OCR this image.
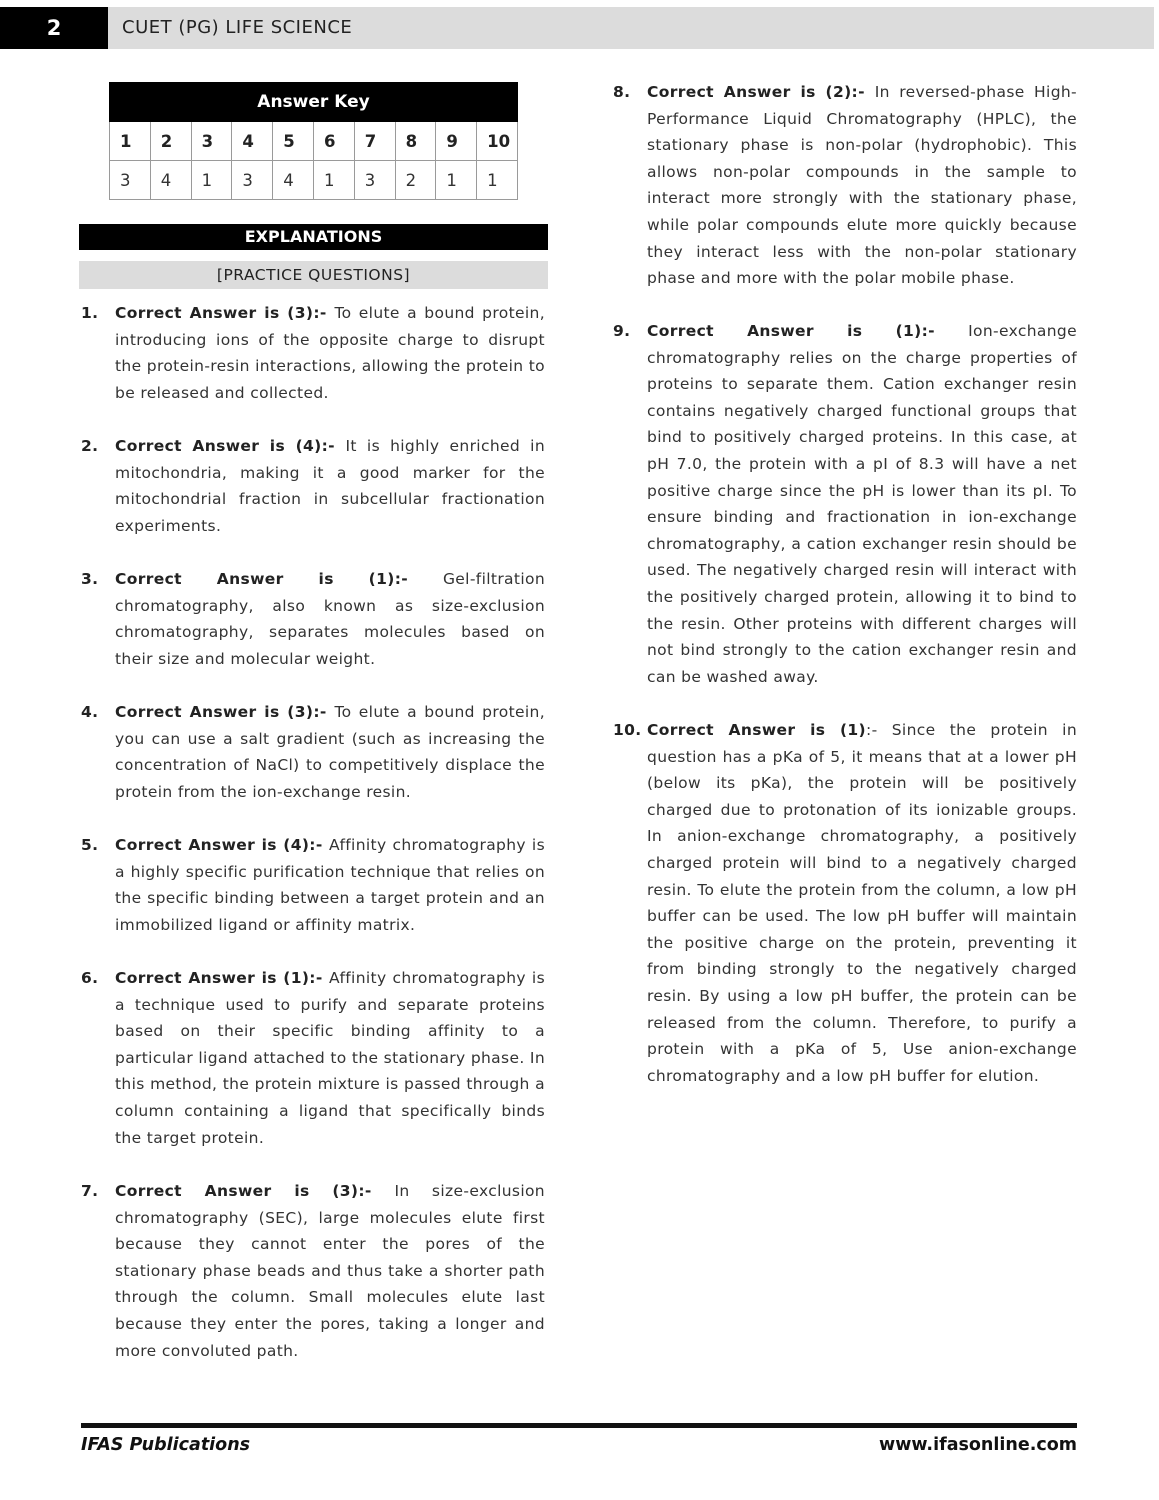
2	CUET (PG) LIFE SCIENCE
Answer Key									
1	2	3	4	5	6	7	8	9	10
3	4	1	3	4	1	3	2	1	1
EXPLANATIONS
[PRACTICE QUESTIONS]
1. Correct Answer is (3):- To elute a bound protein, introducing ions of the opposite charge to disrupt the protein-resin interactions, allowing the protein to be released and collected.
2. Correct Answer is (4):- It is highly enriched in mitochondria, making it a good marker for the mitochondrial fraction in subcellular fractionation experiments.
3. Correct Answer is (1):- Gel-filtration chromatography, also known as size-exclusion chromatography, separates molecules based on their size and molecular weight.
4. Correct Answer is (3):- To elute a bound protein, you can use a salt gradient (such as increasing the concentration of NaCl) to competitively displace the protein from the ion-exchange resin.
5. Correct Answer is (4):- Affinity chromatography is a highly specific purification technique that relies on the specific binding between a target protein and an immobilized ligand or affinity matrix.
6. Correct Answer is (1):- Affinity chromatography is a technique used to purify and separate proteins based on their specific binding affinity to a particular ligand attached to the stationary phase. In this method, the protein mixture is passed through a column containing a ligand that specifically binds the target protein.
7. Correct Answer is (3):- In size-exclusion chromatography (SEC), large molecules elute first because they cannot enter the pores of the stationary phase beads and thus take a shorter path through the column. Small molecules elute last because they enter the pores, taking a longer and more convoluted path.
8. Correct Answer is (2):- In reversed-phase High-Performance Liquid Chromatography (HPLC), the stationary phase is non-polar (hydrophobic). This allows non-polar compounds in the sample to interact more strongly with the stationary phase, while polar compounds elute more quickly because they interact less with the non-polar stationary phase and more with the polar mobile phase.
9. Correct Answer is (1):- Ion-exchange chromatography relies on the charge properties of proteins to separate them. Cation exchanger resin contains negatively charged functional groups that bind to positively charged proteins. In this case, at pH 7.0, the protein with a pI of 8.3 will have a net positive charge since the pH is lower than its pI. To ensure binding and fractionation in ion-exchange chromatography, a cation exchanger resin should be used. The negatively charged resin will interact with the positively charged protein, allowing it to bind to the resin. Other proteins with different charges will not bind strongly to the cation exchanger resin and can be washed away.
10. Correct Answer is (1):- Since the protein in question has a pKa of 5, it means that at a lower pH (below its pKa), the protein will be positively charged due to protonation of its ionizable groups. In anion-exchange chromatography, a positively charged protein will bind to a negatively charged resin. To elute the protein from the column, a low pH buffer can be used. The low pH buffer will maintain the positive charge on the protein, preventing it from binding strongly to the negatively charged resin. By using a low pH buffer, the protein can be released from the column. Therefore, to purify a protein with a pKa of 5, Use anion-exchange chromatography and a low pH buffer for elution.
IFAS Publications	www.ifasonline.com
